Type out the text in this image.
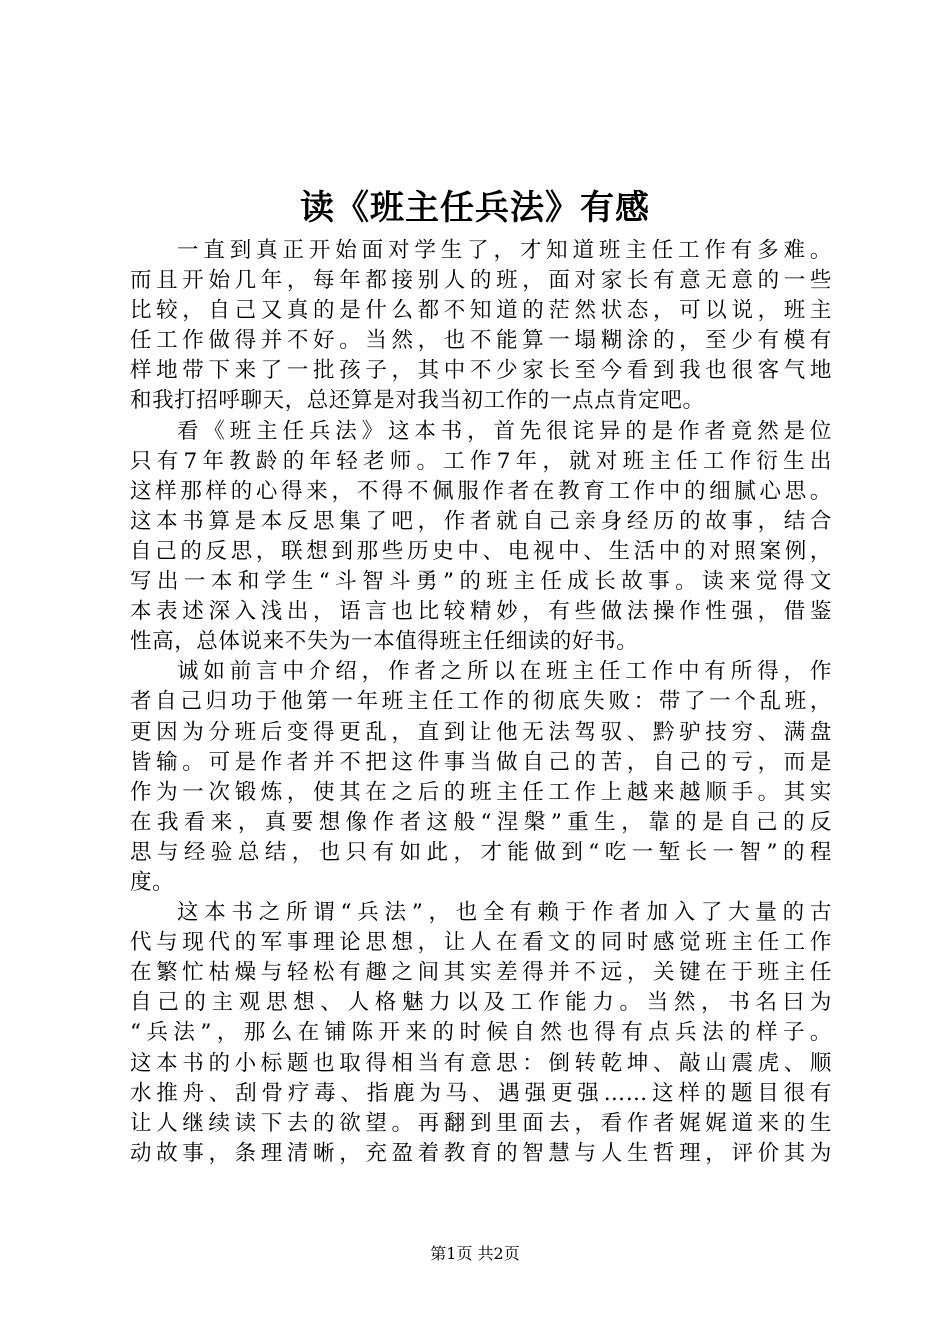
读《班主任兵法》有感
一直到真正开始面对学生了，才知道班主任工作有多难。
而且开始几年，每年都接别人的班，面对家长有意无意的一些
比较，自己又真的是什么都不知道的茫然状态，可以说，班主
任工作做得并不好。当然，也不能算一塌糊涂的，至少有模有
样地带下来了一批孩子，其中不少家长至今看到我也很客气地
和我打招呼聊天，总还算是对我当初工作的一点点肯定吧。
看《班主任兵法》这本书，首先很诧异的是作者竟然是位
只有7年教龄的年轻老师。工作7年，就对班主任工作衍生出
这样那样的心得来，不得不佩服作者在教育工作中的细腻心思。
这本书算是本反思集了吧，作者就自己亲身经历的故事，结合
自己的反思，联想到那些历史中、电视中、生活中的对照案例，
写出一本和学生“斗智斗勇”的班主任成长故事。读来觉得文
本表述深入浅出，语言也比较精妙，有些做法操作性强，借鉴
性高，总体说来不失为一本值得班主任细读的好书。
诚如前言中介绍，作者之所以在班主任工作中有所得，作
者自己归功于他第一年班主任工作的彻底失败：带了一个乱班，
更因为分班后变得更乱，直到让他无法驾驭、黔驴技穷、满盘
皆输。可是作者并不把这件事当做自己的苦，自己的亏，而是
作为一次锻炼，使其在之后的班主任工作上越来越顺手。其实
在我看来，真要想像作者这般“涅槃”重生，靠的是自己的反
思与经验总结，也只有如此，才能做到“吃一堑长一智”的程
度。
这本书之所谓“兵法”，也全有赖于作者加入了大量的古
代与现代的军事理论思想，让人在看文的同时感觉班主任工作
在繁忙枯燥与轻松有趣之间其实差得并不远，关键在于班主任
自己的主观思想、人格魅力以及工作能力。当然，书名曰为
“兵法”，那么在铺陈开来的时候自然也得有点兵法的样子。
这本书的小标题也取得相当有意思：倒转乾坤、敲山震虎、顺
水推舟、刮骨疗毒、指鹿为马、遇强更强……这样的题目很有
让人继续读下去的欲望。再翻到里面去，看作者娓娓道来的生
动故事，条理清晰，充盈着教育的智慧与人生哲理，评价其为
第1页 共2页
